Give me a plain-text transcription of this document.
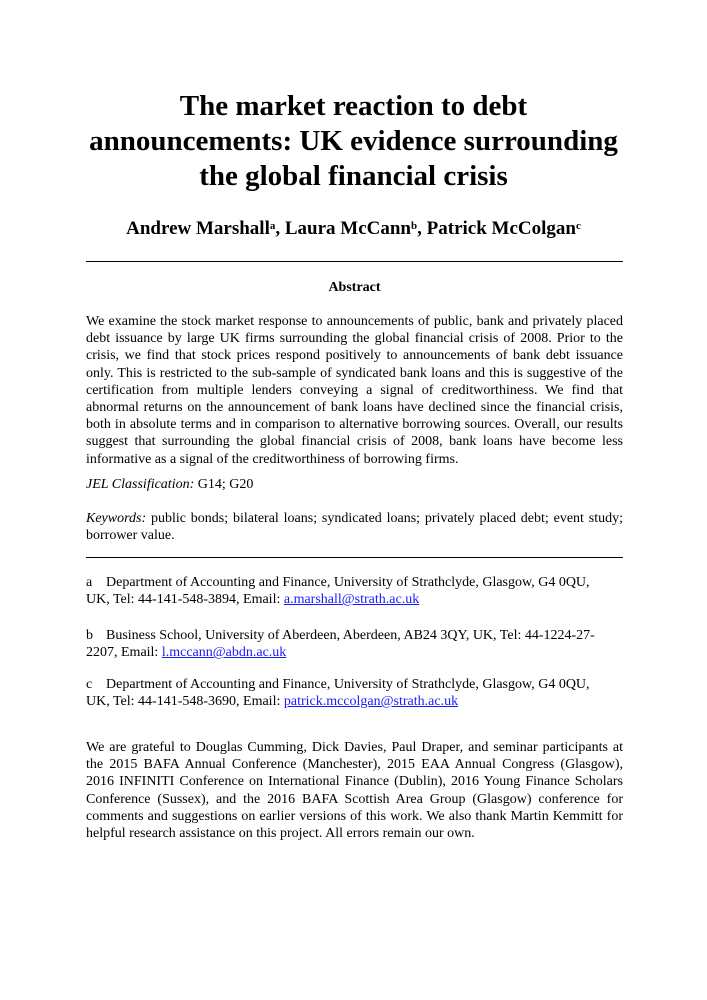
The market reaction to debt
announcements: UK evidence surrounding
the global financial crisis
Andrew Marshall$^a$, Laura McCann$^b$, Patrick McColgan$^c$
Abstract
We examine the stock market response to announcements of public, bank and privately placed
debt issuance by large UK firms surrounding the global financial crisis of 2008. Prior to the
crisis, we find that stock prices respond positively to announcements of bank debt issuance
only. This is restricted to the sub-sample of syndicated bank loans and this is suggestive of the
certification from multiple lenders conveying a signal of creditworthiness. We find that
abnormal returns on the announcement of bank loans have declined since the financial crisis,
both in absolute terms and in comparison to alternative borrowing sources. Overall, our results
suggest that surrounding the global financial crisis of 2008, bank loans have become less
informative as a signal of the creditworthiness of borrowing firms.
JEL Classification: G14; G20
Keywords: public bonds; bilateral loans; syndicated loans; privately placed debt; event study;
borrower value.
a Department of Accounting and Finance, University of Strathclyde, Glasgow, G4 0QU,
UK, Tel: 44-141-548-3894, Email: a.marshall@strath.ac.uk
b Business School, University of Aberdeen, Aberdeen, AB24 3QY, UK, Tel: 44-1224-27-
2207, Email: l.mccann@abdn.ac.uk
c Department of Accounting and Finance, University of Strathclyde, Glasgow, G4 0QU,
UK, Tel: 44-141-548-3690, Email: patrick.mccolgan@strath.ac.uk
We are grateful to Douglas Cumming, Dick Davies, Paul Draper, and seminar participants at
the 2015 BAFA Annual Conference (Manchester), 2015 EAA Annual Congress (Glasgow),
2016 INFINITI Conference on International Finance (Dublin), 2016 Young Finance Scholars
Conference (Sussex), and the 2016 BAFA Scottish Area Group (Glasgow) conference for
comments and suggestions on earlier versions of this work. We also thank Martin Kemmitt for
helpful research assistance on this project. All errors remain our own.
